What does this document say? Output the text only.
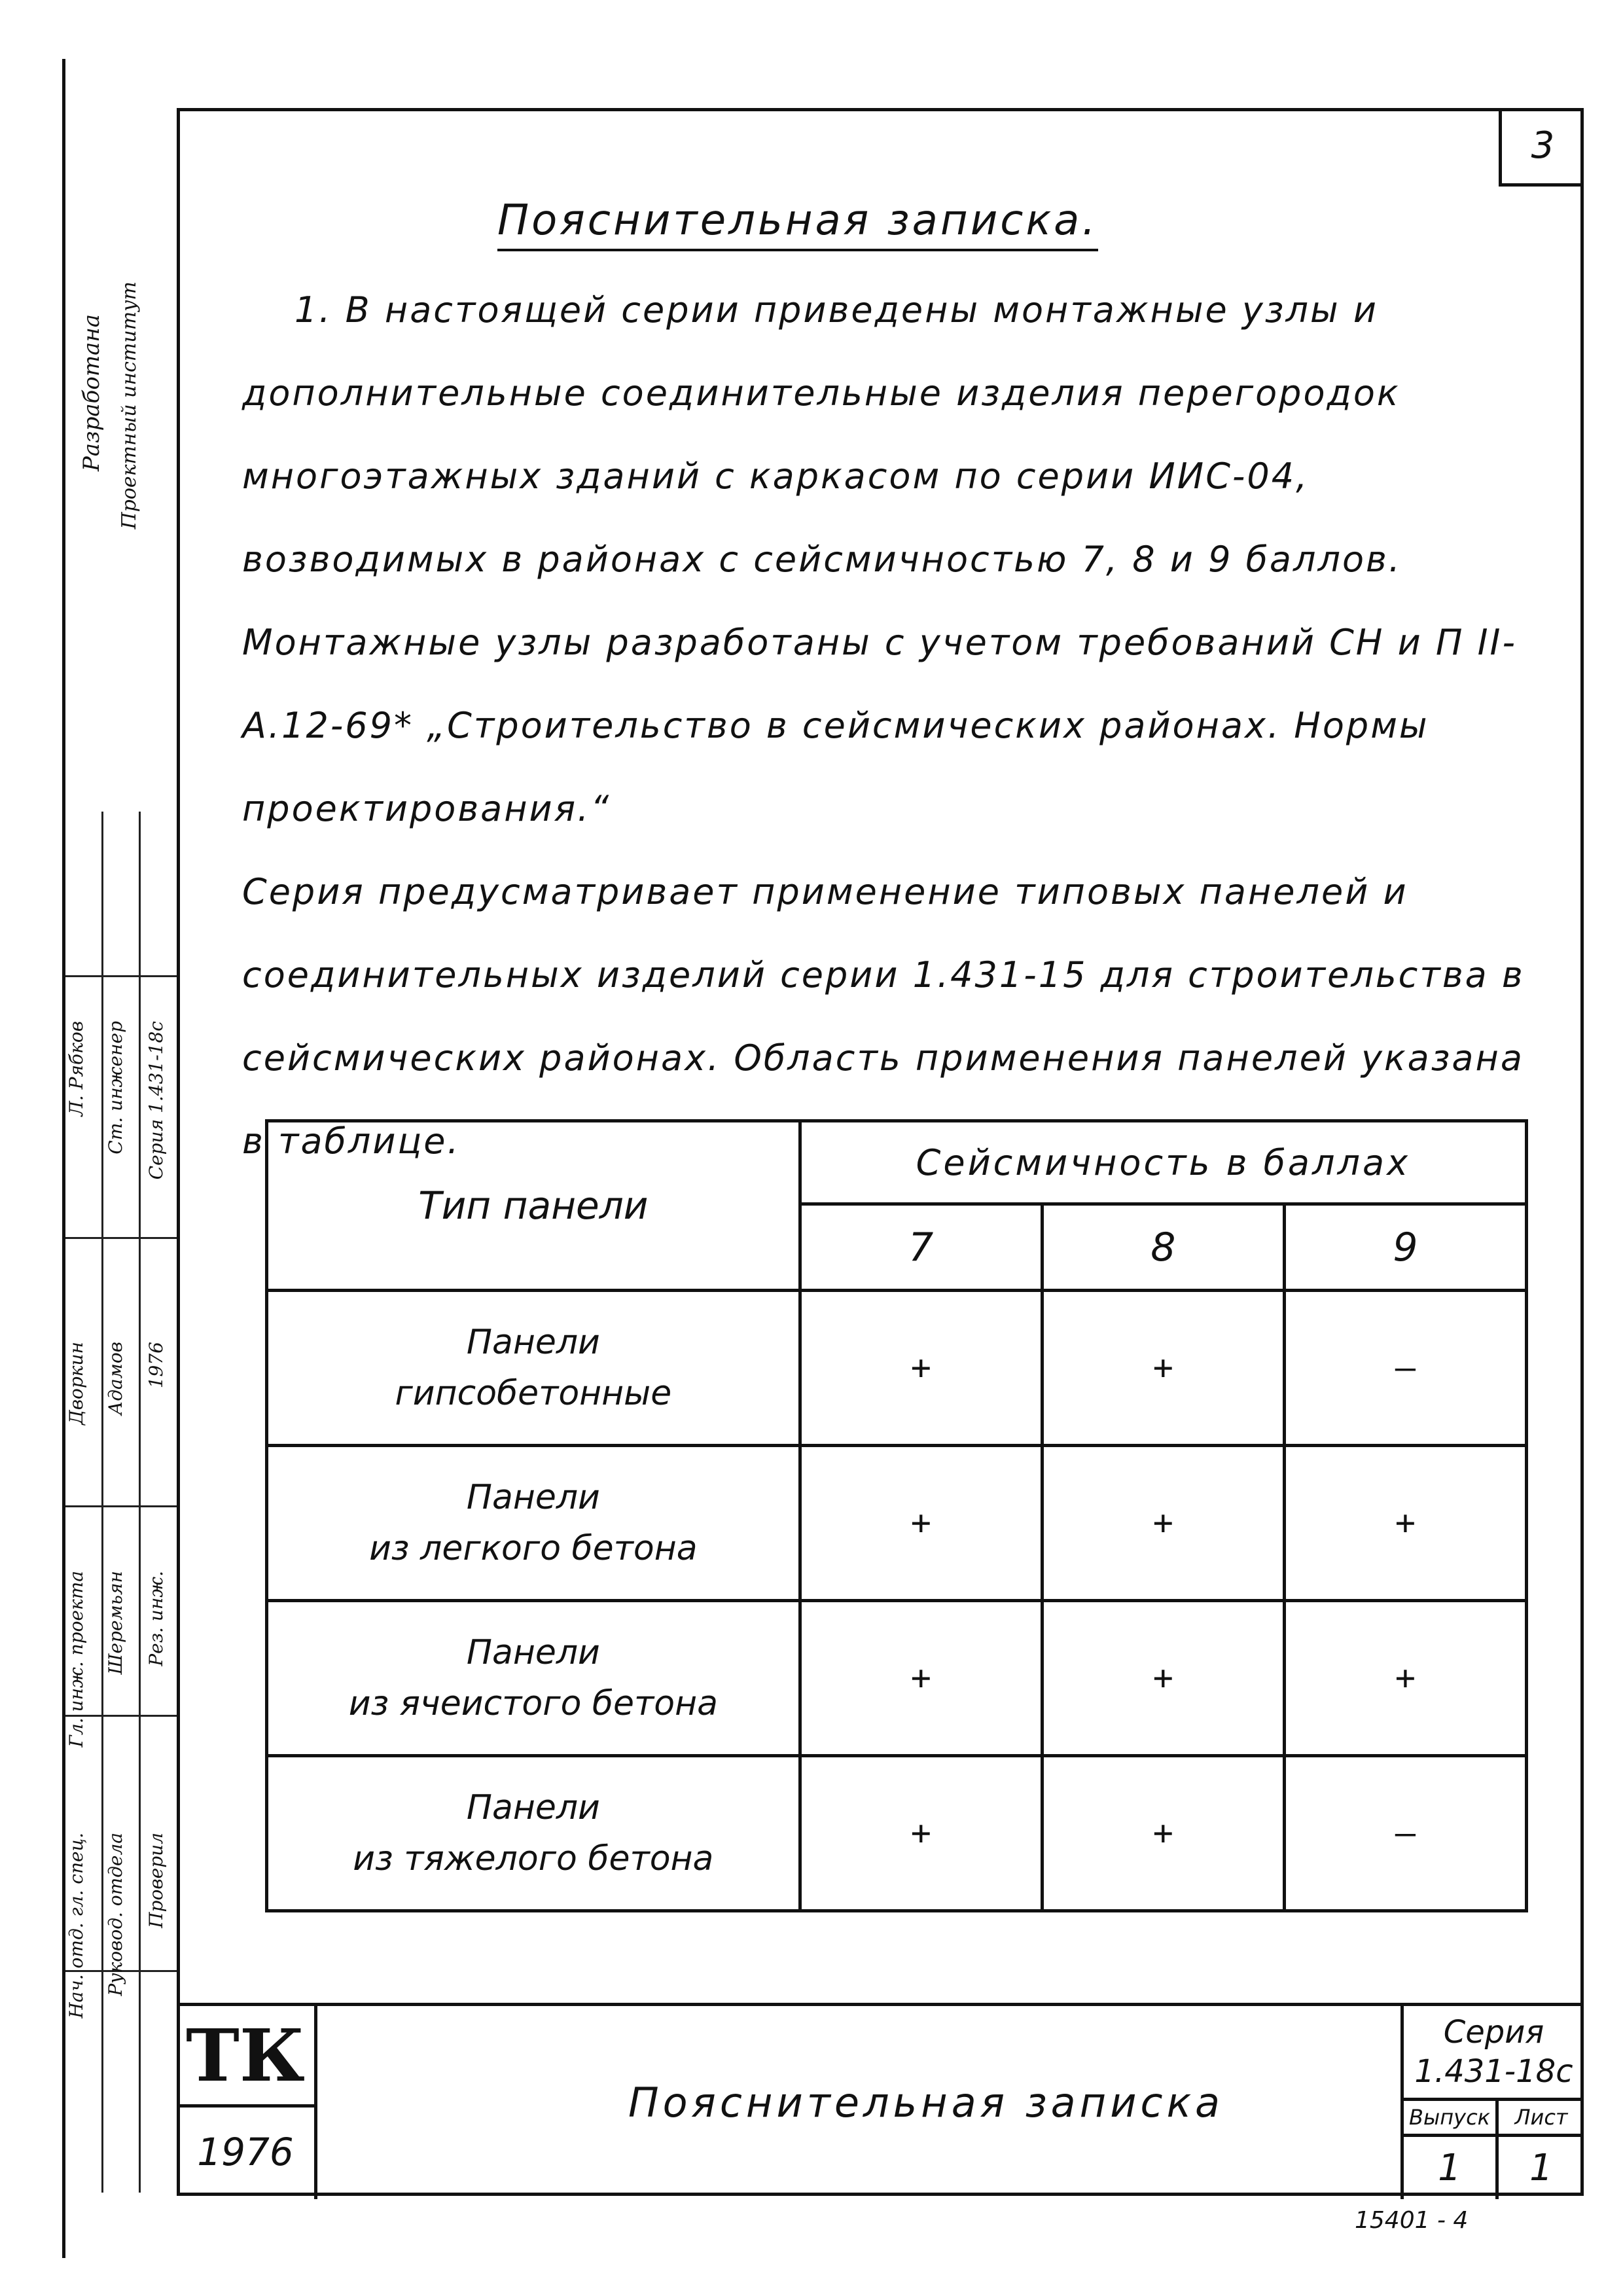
Нач. отд. гл. спец.
Гл. инж. проекта
Дворкин
Л. Рябков
Руковод. отдела
Шеремьян
Адамов
Ст. инженер
Проверил
Рез. инж.
1976
Серия 1.431-18с
Разработана Проектный институт
3
Пояснительная записка.

1. В настоящей серии приведены монтажные узлы и дополнительные соединительные изделия перегородок многоэтажных зданий с каркасом по серии ИИС-04, возводимых в районах с сейсмичностью 7, 8 и 9 баллов. Монтажные узлы разработаны с учетом требований СН и П II-А.12-69* „Строительство в сейсмических районах. Нормы проектирования.“

Серия предусматривает применение типовых панелей и соединительных изделий серии 1.431-15 для строительства в сейсмических районах. Область применения панелей указана в таблице.

Тип панели	Сейсмичность в баллах		
	7	8	9
Панели
гипсобетонные	+	+	—
Панели
из легкого бетона	+	+	+
Панели
из ячеистого бетона	+	+	+
Панели
из тяжелого бетона	+	+	—
ТК
1976
Пояснительная записка
Серия
1.431-18с
Выпуск	Лист
1	1
15401 - 4
